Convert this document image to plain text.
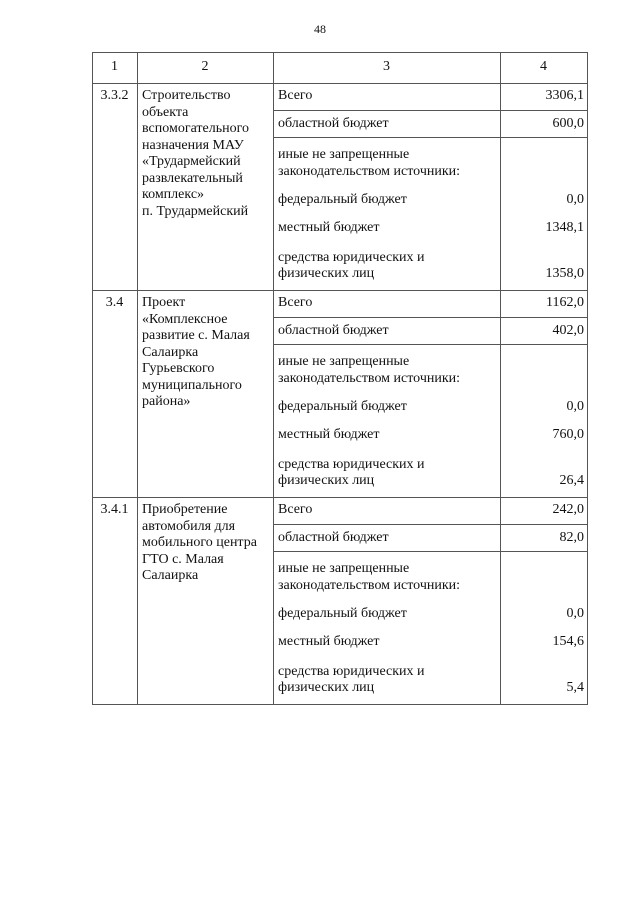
48
1	2	3	4
3.3.2 Строительство
объекта
вспомогательного
назначения МАУ
«Трудармейский
развлекательный
комплекс»
п. Трудармейский
Всего	3306,1
областной бюджет	600,0
иные не запрещенные
законодательством источники:
федеральный бюджет	0,0
местный бюджет	1348,1
средства юридических и
физических лиц	1358,0
3.4	Проект
«Комплексное
развитие с. Малая
Салаирка
Гурьевского
муниципального
района»
Всего	1162,0
областной бюджет	402,0
иные не запрещенные
законодательством источники:
федеральный бюджет	0,0
местный бюджет	760,0
средства юридических и
физических лиц	26,4
3.4.1 Приобретение
автомобиля для
мобильного центра
ГТО с. Малая
Салаирка
Всего	242,0
областной бюджет	82,0
иные не запрещенные
законодательством источники:
федеральный бюджет	0,0
местный бюджет	154,6
средства юридических и
физических лиц	5,4
